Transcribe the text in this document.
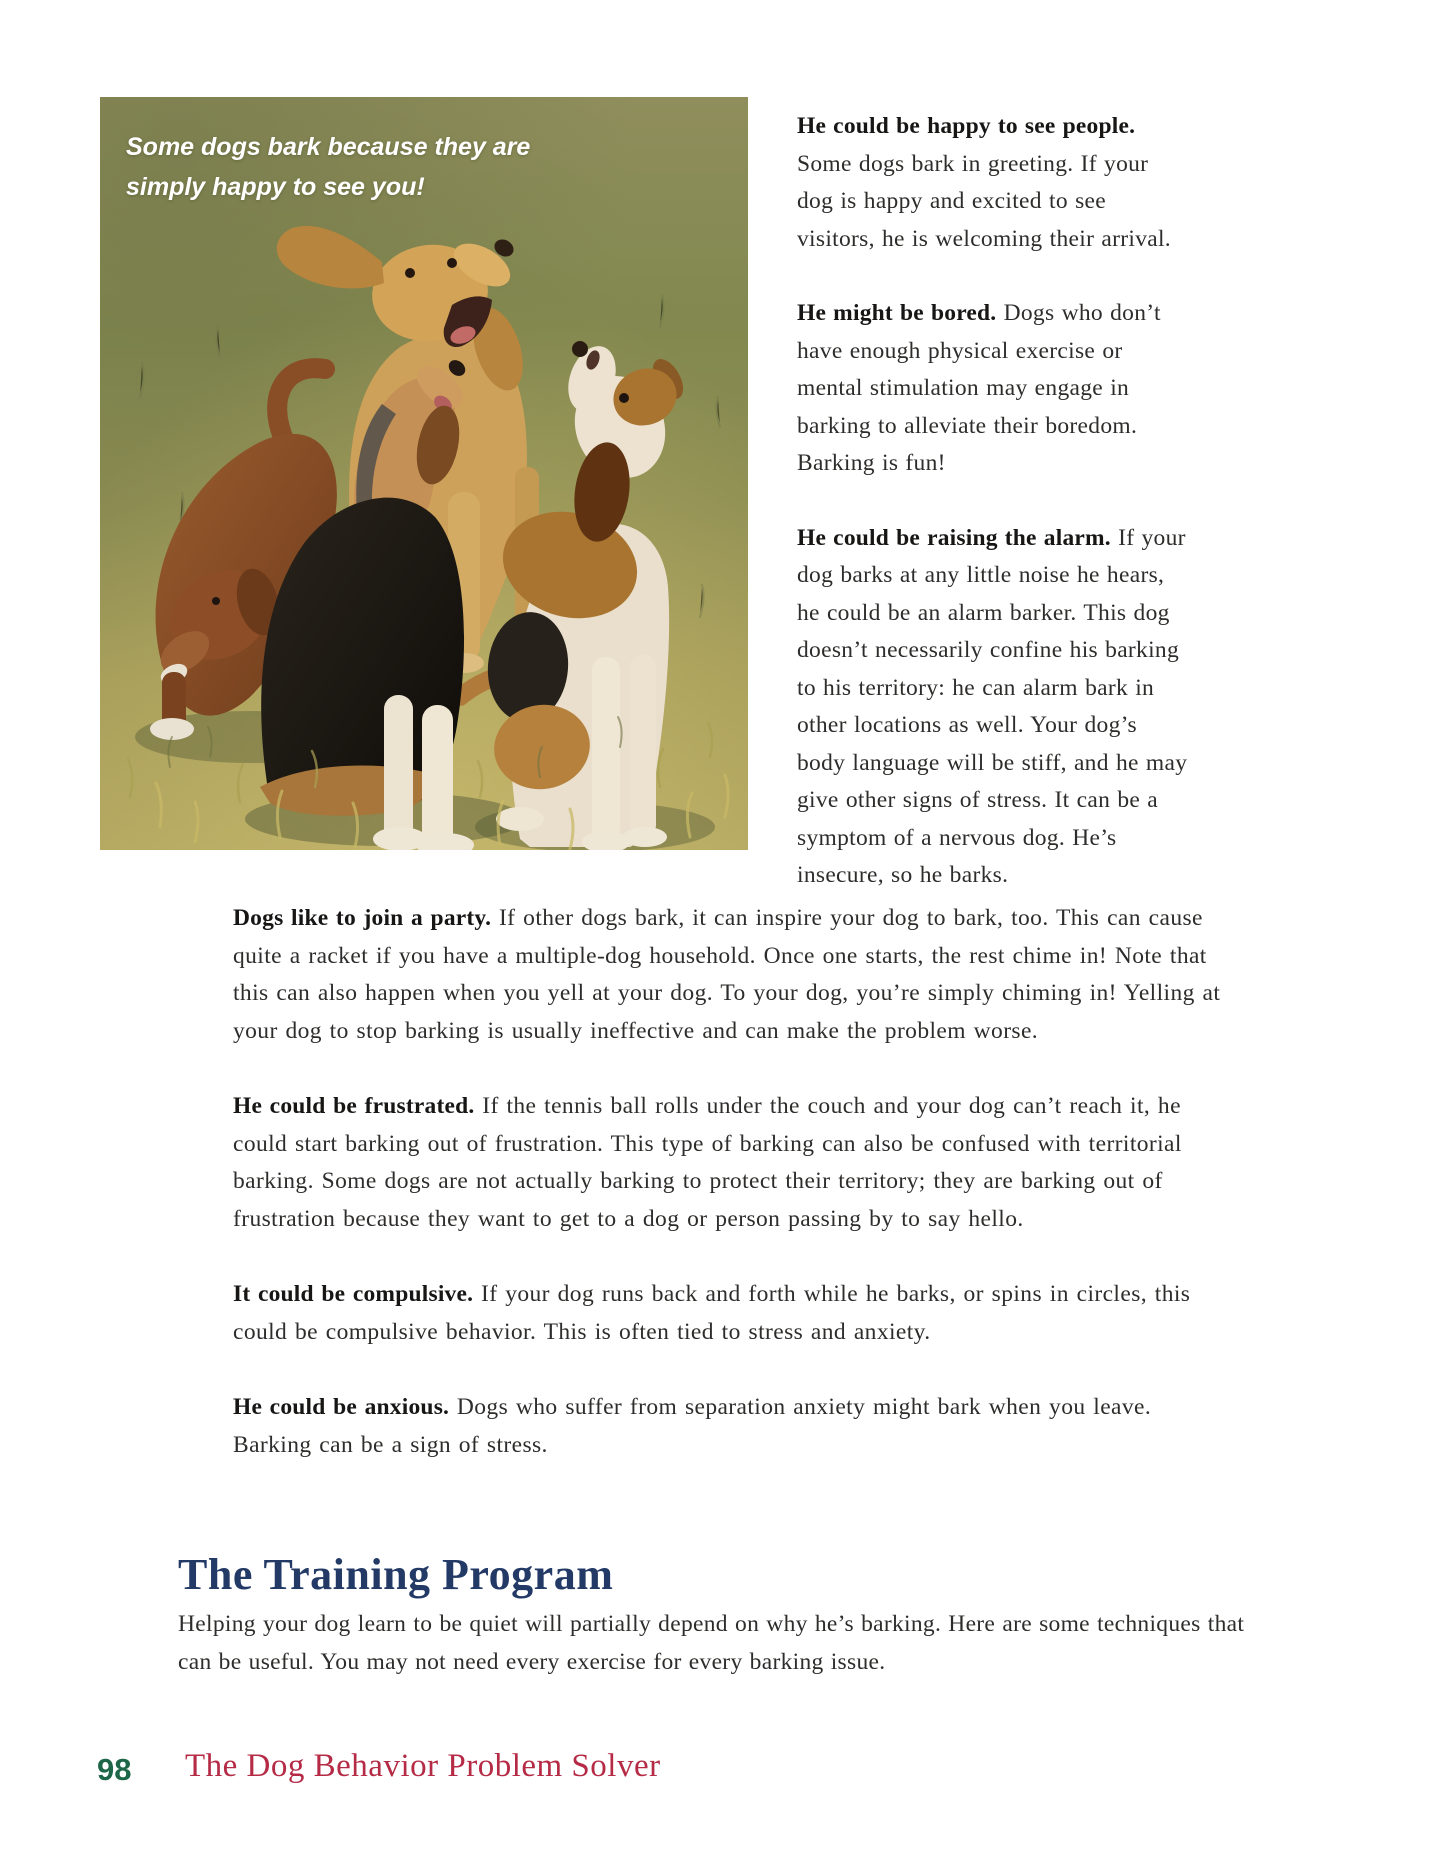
Some dogs bark because they are
simply happy to see you!

He could be happy to see people. Some dogs bark in greeting. If your dog is happy and excited to see visitors, he is welcoming their arrival.

He might be bored. Dogs who don’t have enough physical exercise or mental stimulation may engage in barking to alleviate their boredom. Barking is fun!

He could be raising the alarm. If your dog barks at any little noise he hears, he could be an alarm barker. This dog doesn’t necessarily confine his barking to his territory: he can alarm bark in other locations as well. Your dog’s body language will be stiff, and he may give other signs of stress. It can be a symptom of a nervous dog. He’s insecure, so he barks.

Dogs like to join a party. If other dogs bark, it can inspire your dog to bark, too. This can cause quite a racket if you have a multiple-dog household. Once one starts, the rest chime in! Note that this can also happen when you yell at your dog. To your dog, you’re simply chiming in! Yelling at your dog to stop barking is usually ineffective and can make the problem worse.

He could be frustrated. If the tennis ball rolls under the couch and your dog can’t reach it, he could start barking out of frustration. This type of barking can also be confused with territorial barking. Some dogs are not actually barking to protect their territory; they are barking out of frustration because they want to get to a dog or person passing by to say hello.

It could be compulsive. If your dog runs back and forth while he barks, or spins in circles, this could be compulsive behavior. This is often tied to stress and anxiety.

He could be anxious. Dogs who suffer from separation anxiety might bark when you leave. Barking can be a sign of stress.

The Training Program

Helping your dog learn to be quiet will partially depend on why he’s barking. Here are some techniques that can be useful. You may not need every exercise for every barking issue.

98 The Dog Behavior Problem Solver
